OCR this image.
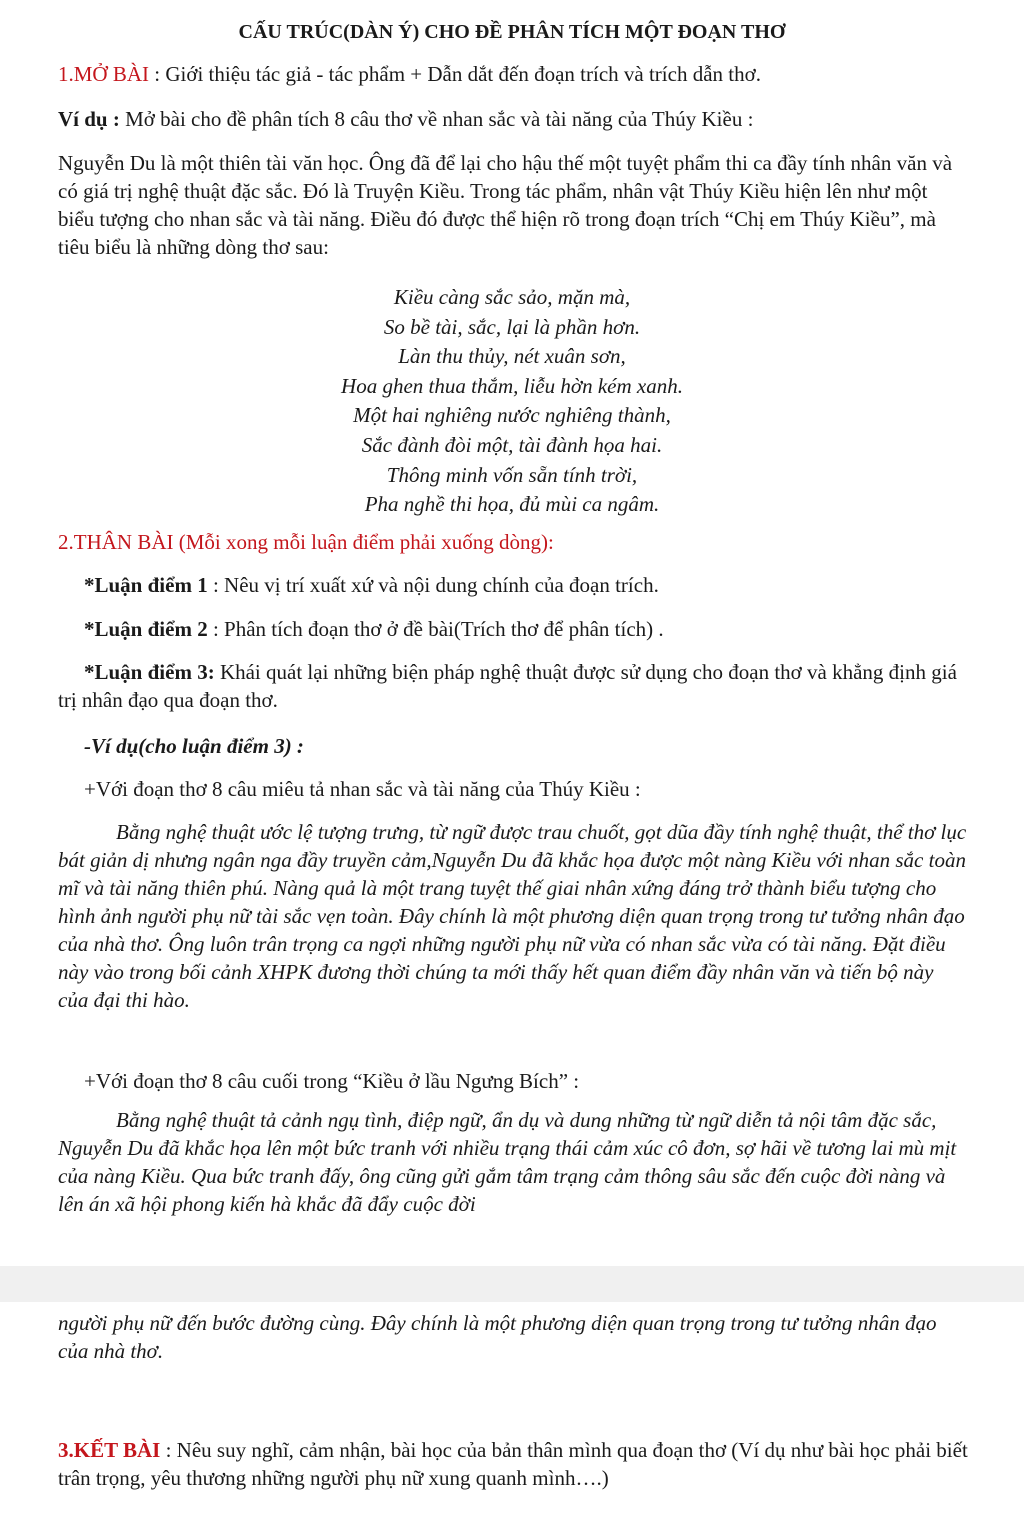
CẤU TRÚC(DÀN Ý) CHO ĐỀ PHÂN TÍCH MỘT ĐOẠN THƠ

1.MỞ BÀI : Giới thiệu tác giả - tác phẩm + Dẫn dắt đến đoạn trích và trích dẫn thơ.

Ví dụ : Mở bài cho đề phân tích 8 câu thơ về nhan sắc và tài năng của Thúy Kiều :

Nguyễn Du là một thiên tài văn học. Ông đã để lại cho hậu thế một tuyệt phẩm thi ca đầy tính nhân văn và có giá trị nghệ thuật đặc sắc. Đó là Truyện Kiều. Trong tác phẩm, nhân vật Thúy Kiều hiện lên như một biểu tượng cho nhan sắc và tài năng. Điều đó được thể hiện rõ trong đoạn trích “Chị em Thúy Kiều”, mà tiêu biểu là những dòng thơ sau:

Kiều càng sắc sảo, mặn mà,
So bề tài, sắc, lại là phần hơn.
Làn thu thủy, nét xuân sơn,
Hoa ghen thua thắm, liễu hờn kém xanh.
Một hai nghiêng nước nghiêng thành,
Sắc đành đòi một, tài đành họa hai.
Thông minh vốn sẵn tính trời,
Pha nghề thi họa, đủ mùi ca ngâm.

2.THÂN BÀI (Mỗi xong mỗi luận điểm phải xuống dòng):

*Luận điểm 1 : Nêu vị trí xuất xứ và nội dung chính của đoạn trích.

*Luận điểm 2 : Phân tích đoạn thơ ở đề bài(Trích thơ để phân tích) .

*Luận điểm 3: Khái quát lại những biện pháp nghệ thuật được sử dụng cho đoạn thơ và khẳng định giá trị nhân đạo qua đoạn thơ.

-Ví dụ(cho luận điểm 3) :

+Với đoạn thơ 8 câu miêu tả nhan sắc và tài năng của Thúy Kiều :

Bằng nghệ thuật ước lệ tượng trưng, từ ngữ được trau chuốt, gọt dũa đầy tính nghệ thuật, thể thơ lục bát giản dị nhưng ngân nga đầy truyền cảm,Nguyễn Du đã khắc họa được một nàng Kiều với nhan sắc toàn mĩ và tài năng thiên phú. Nàng quả là một trang tuyệt thế giai nhân xứng đáng trở thành biểu tượng cho hình ảnh người phụ nữ tài sắc vẹn toàn. Đây chính là một phương diện quan trọng trong tư tưởng nhân đạo của nhà thơ. Ông luôn trân trọng ca ngợi những người phụ nữ vừa có nhan sắc vừa có tài năng. Đặt điều này vào trong bối cảnh XHPK đương thời chúng ta mới thấy hết quan điểm đầy nhân văn và tiến bộ này của đại thi hào.

+Với đoạn thơ 8 câu cuối trong “Kiều ở lầu Ngưng Bích” :

Bằng nghệ thuật tả cảnh ngụ tình, điệp ngữ, ẩn dụ và dung những từ ngữ diễn tả nội tâm đặc sắc, Nguyễn Du đã khắc họa lên một bức tranh với nhiều trạng thái cảm xúc cô đơn, sợ hãi về tương lai mù mịt của nàng Kiều. Qua bức tranh đấy, ông cũng gửi gắm tâm trạng cảm thông sâu sắc đến cuộc đời nàng và lên án xã hội phong kiến hà khắc đã đẩy cuộc đời

người phụ nữ đến bước đường cùng. Đây chính là một phương diện quan trọng trong tư tưởng nhân đạo của nhà thơ.

3.KẾT BÀI : Nêu suy nghĩ, cảm nhận, bài học của bản thân mình qua đoạn thơ (Ví dụ như bài học phải biết trân trọng, yêu thương những người phụ nữ xung quanh mình….)
